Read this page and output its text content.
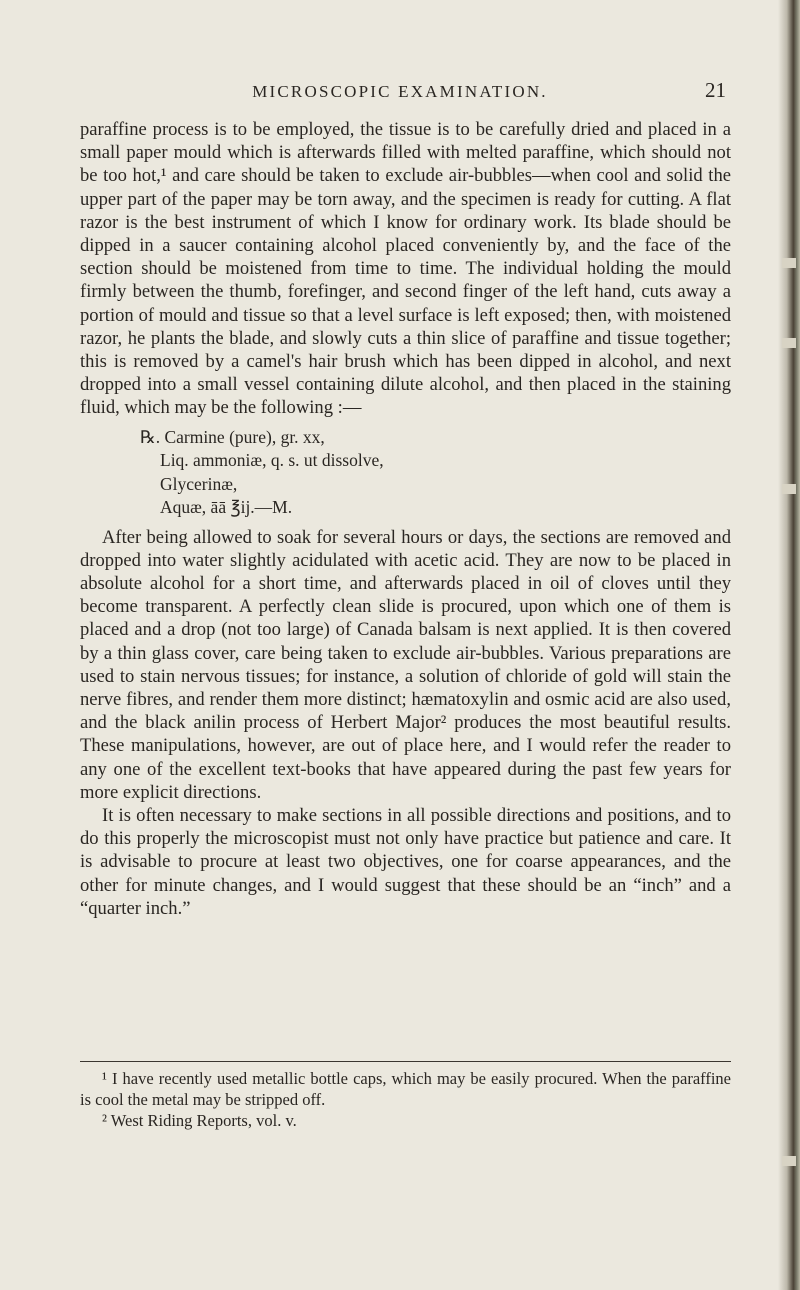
MICROSCOPIC EXAMINATION.	21

paraffine process is to be employed, the tissue is to be carefully dried and placed in a small paper mould which is afterwards filled with melted paraffine, which should not be too hot,¹ and care should be taken to exclude air-bubbles—when cool and solid the upper part of the paper may be torn away, and the specimen is ready for cutting. A flat razor is the best instrument of which I know for ordinary work. Its blade should be dipped in a saucer containing alcohol placed conveniently by, and the face of the section should be moistened from time to time. The individual holding the mould firmly between the thumb, forefinger, and second finger of the left hand, cuts away a portion of mould and tissue so that a level surface is left exposed; then, with moistened razor, he plants the blade, and slowly cuts a thin slice of paraffine and tissue together; this is removed by a camel's hair brush which has been dipped in alcohol, and next dropped into a small vessel containing dilute alcohol, and then placed in the staining fluid, which may be the following :—

℞. Carmine (pure), gr. xx,
Liq. ammoniæ, q. s. ut dissolve,
Glycerinæ,
Aquæ, āā ℥ij.—M.

After being allowed to soak for several hours or days, the sections are removed and dropped into water slightly acidulated with acetic acid. They are now to be placed in absolute alcohol for a short time, and afterwards placed in oil of cloves until they become transparent. A perfectly clean slide is procured, upon which one of them is placed and a drop (not too large) of Canada balsam is next applied. It is then covered by a thin glass cover, care being taken to exclude air-bubbles. Various preparations are used to stain nervous tissues; for instance, a solution of chloride of gold will stain the nerve fibres, and render them more distinct; hæmatoxylin and osmic acid are also used, and the black anilin process of Herbert Major² produces the most beautiful results. These manipulations, however, are out of place here, and I would refer the reader to any one of the excellent text-books that have appeared during the past few years for more explicit directions.

It is often necessary to make sections in all possible directions and positions, and to do this properly the microscopist must not only have practice but patience and care. It is advisable to procure at least two objectives, one for coarse appearances, and the other for minute changes, and I would suggest that these should be an “inch” and a “quarter inch.”

¹ I have recently used metallic bottle caps, which may be easily procured. When the paraffine is cool the metal may be stripped off.

² West Riding Reports, vol. v.
